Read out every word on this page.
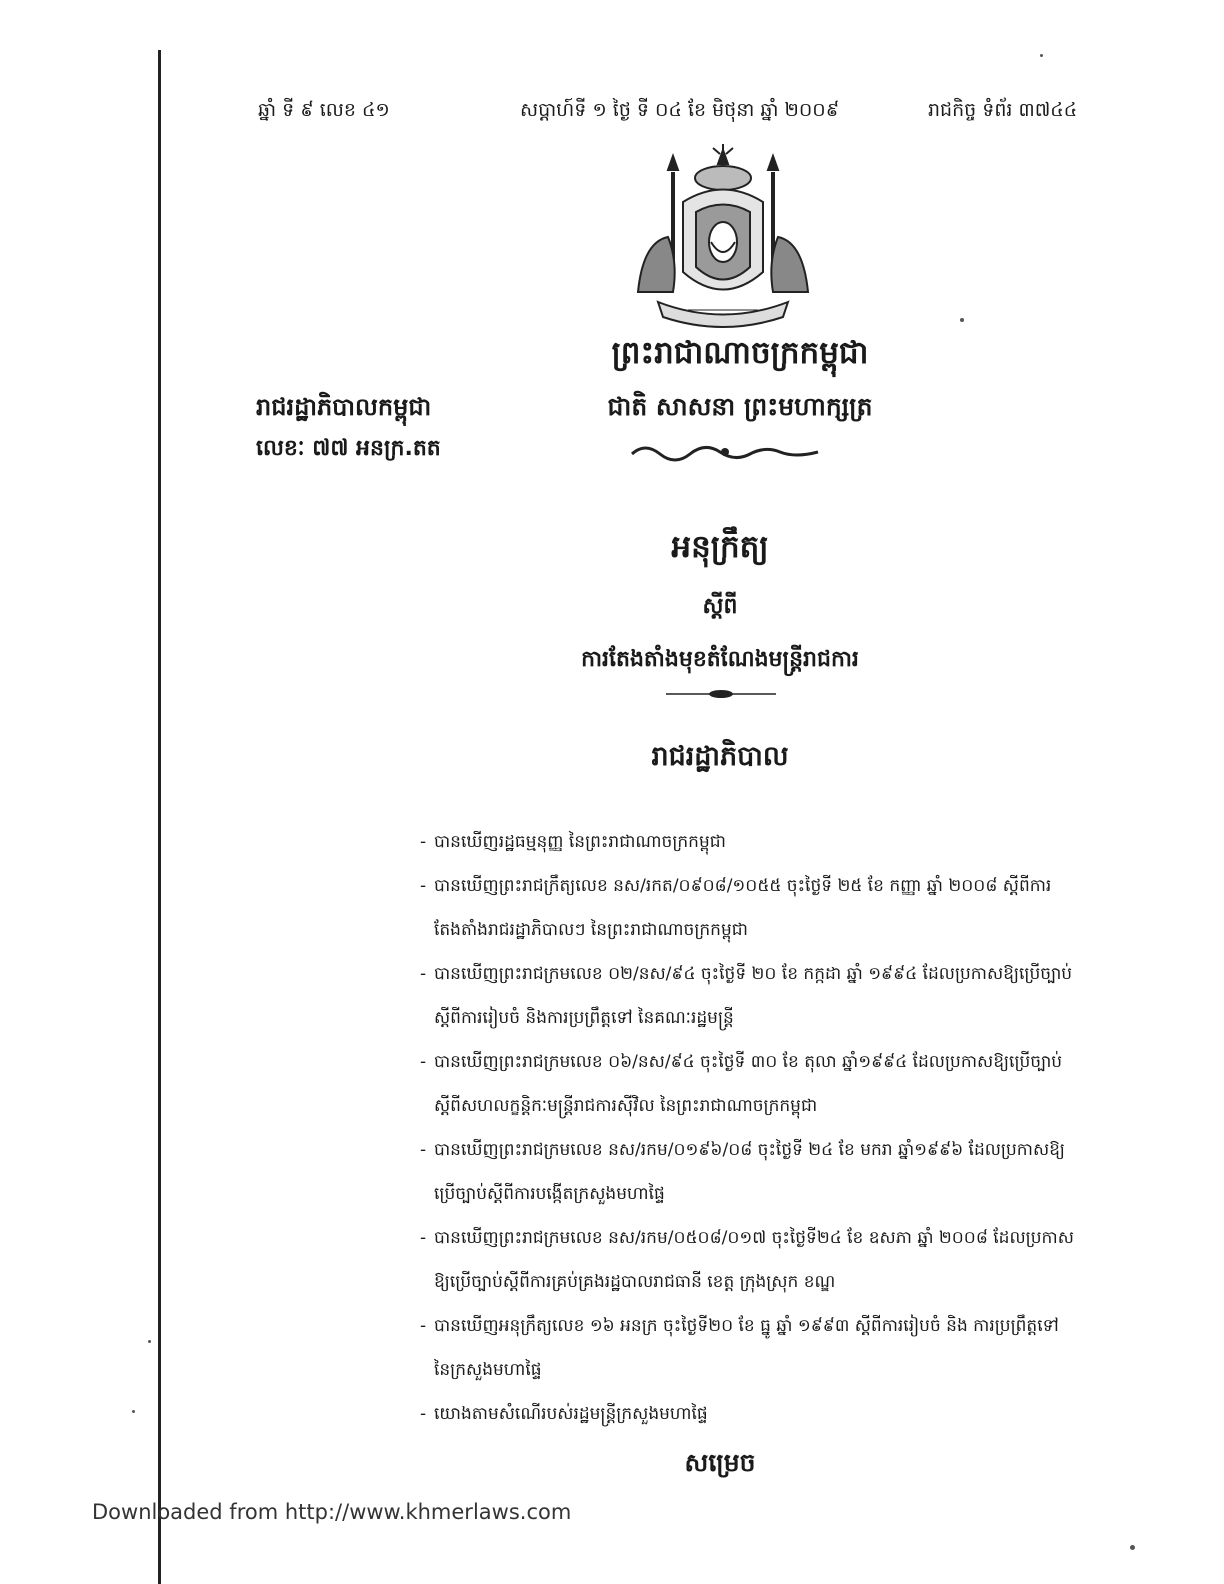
ឆ្នាំ ទី ៩ លេខ ៤១	សប្តាហ៍ទី ១ ថ្ងៃ ទី ០៤ ខែ មិថុនា ឆ្នាំ ២០០៩	រាជកិច្ច ទំព័រ ៣៧៤៤
ព្រះរាជាណាចក្រកម្ពុជា
រាជរដ្ឋាភិបាលកម្ពុជា	ជាតិ សាសនា ព្រះមហាក្សត្រ
លេខៈ ៧៧ អនក្រ.តត
អនុក្រឹត្យ
ស្តីពី
ការតែងតាំងមុខតំណែងមន្ត្រីរាជការ
រាជរដ្ឋាភិបាល
- បានឃើញរដ្ឋធម្មនុញ្ញ នៃព្រះរាជាណាចក្រកម្ពុជា
- បានឃើញព្រះរាជក្រឹត្យលេខ នស/រកត/០៩០៨/១០៥៥ ចុះថ្ងៃទី ២៥ ខែ កញ្ញា ឆ្នាំ ២០០៨ ស្តីពីការ
តែងតាំងរាជរដ្ឋាភិបាលៗ នៃព្រះរាជាណាចក្រកម្ពុជា
- បានឃើញព្រះរាជក្រមលេខ ០២/នស/៩៤ ចុះថ្ងៃទី ២០ ខែ កក្កដា ឆ្នាំ ១៩៩៤ ដែលប្រកាសឱ្យប្រើច្បាប់
ស្តីពីការរៀបចំ និងការប្រព្រឹត្តទៅ នៃគណៈរដ្ឋមន្ត្រី
- បានឃើញព្រះរាជក្រមលេខ ០៦/នស/៩៤ ចុះថ្ងៃទី ៣០ ខែ តុលា ឆ្នាំ១៩៩៤ ដែលប្រកាសឱ្យប្រើច្បាប់
ស្តីពីសហលក្ខន្តិកៈមន្ត្រីរាជការស៊ីវិល នៃព្រះរាជាណាចក្រកម្ពុជា
- បានឃើញព្រះរាជក្រមលេខ នស/រកម/០១៩៦/០៨ ចុះថ្ងៃទី ២៤ ខែ មករា ឆ្នាំ១៩៩៦ ដែលប្រកាសឱ្យ
ប្រើច្បាប់ស្តីពីការបង្កើតក្រសួងមហាផ្ទៃ
- បានឃើញព្រះរាជក្រមលេខ នស/រកម/០៥០៨/០១៧ ចុះថ្ងៃទី២៤ ខែ ឧសភា ឆ្នាំ ២០០៨ ដែលប្រកាស
ឱ្យប្រើច្បាប់ស្តីពីការគ្រប់គ្រងរដ្ឋបាលរាជធានី ខេត្ត ក្រុងស្រុក ខណ្ឌ
- បានឃើញអនុក្រឹត្យលេខ ១៦ អនក្រ ចុះថ្ងៃទី២០ ខែ ធ្នូ ឆ្នាំ ១៩៩៣ ស្តីពីការរៀបចំ និង ការប្រព្រឹត្តទៅ
នៃក្រសួងមហាផ្ទៃ
- យោងតាមសំណើរបស់រដ្ឋមន្ត្រីក្រសួងមហាផ្ទៃ
សម្រេច
Downloaded from http://www.khmerlaws.com
